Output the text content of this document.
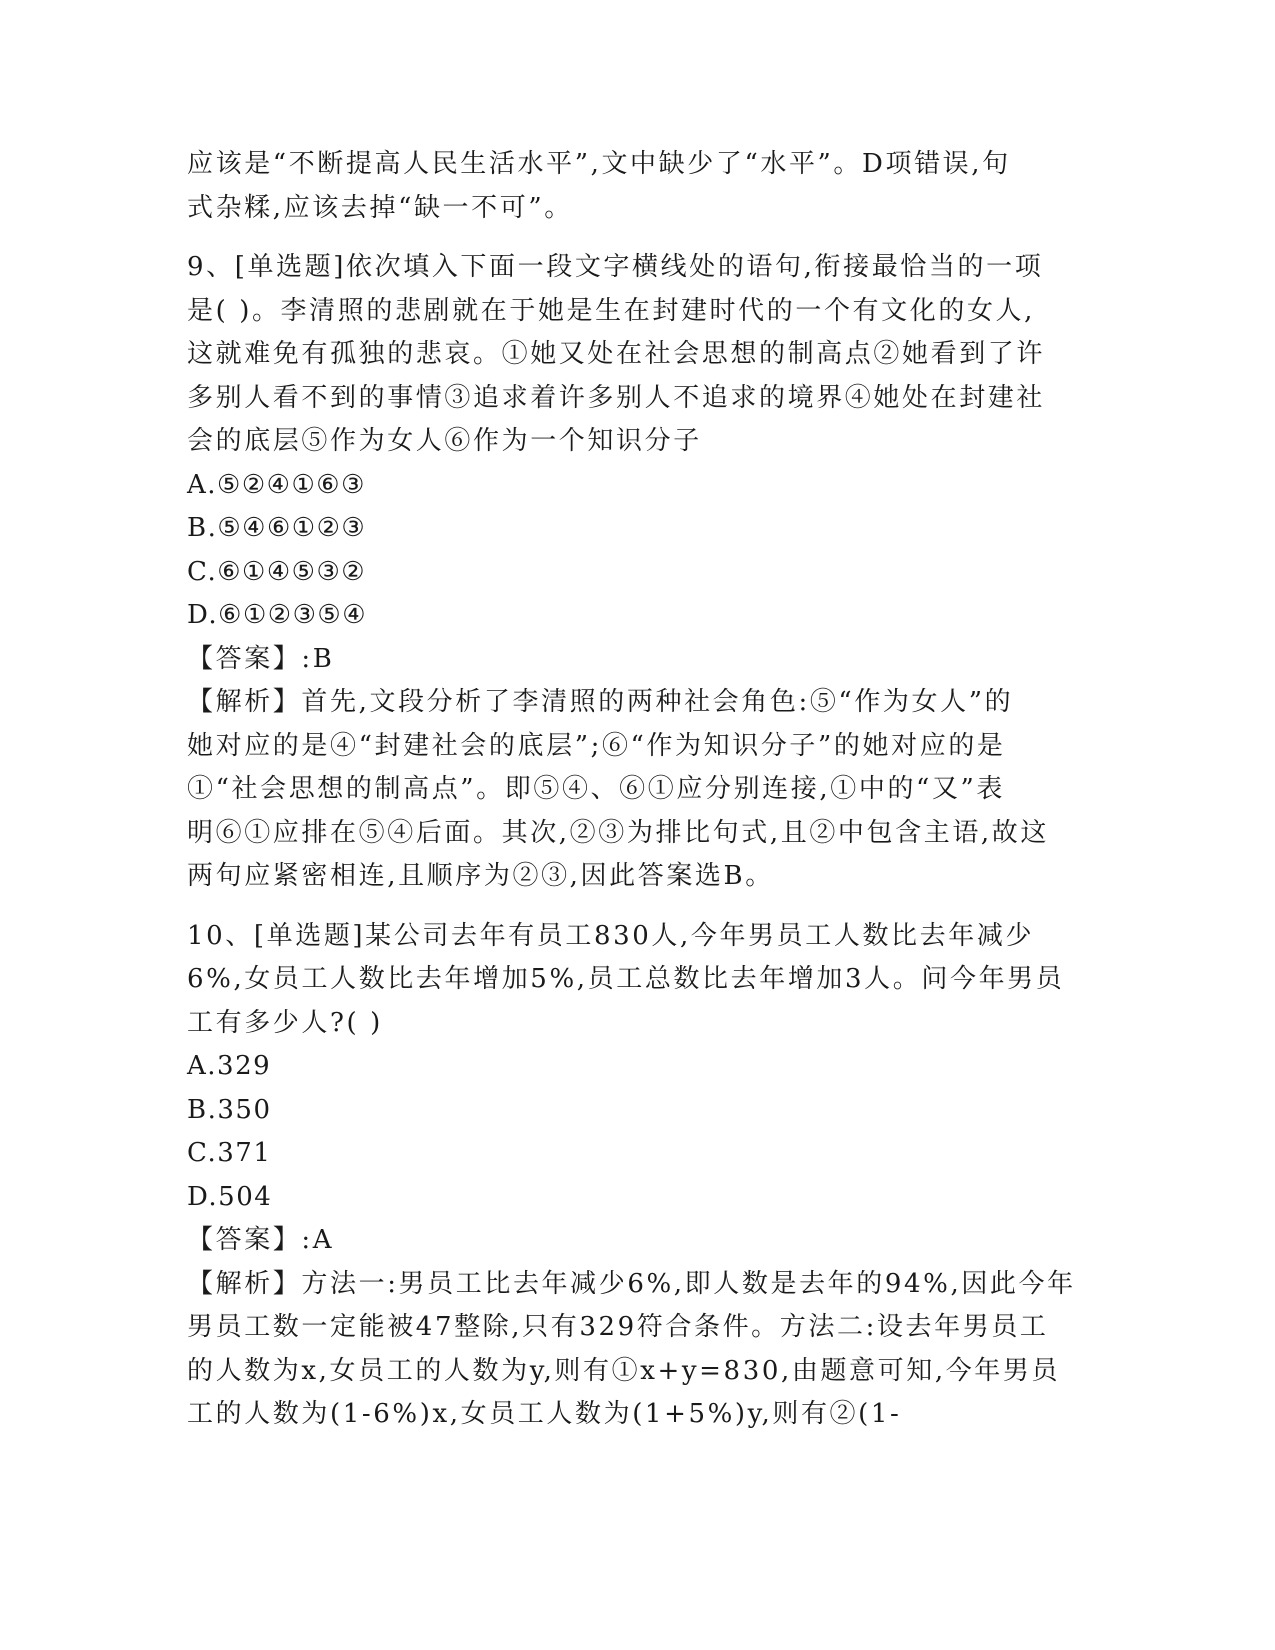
应该是“不断提高人民生活水平”,文中缺少了“水平”。D项错误,句
式杂糅,应该去掉“缺一不可”。
9、[单选题]依次填入下面一段文字横线处的语句,衔接最恰当的一项
是( )。李清照的悲剧就在于她是生在封建时代的一个有文化的女人,
这就难免有孤独的悲哀。①她又处在社会思想的制高点②她看到了许
多别人看不到的事情③追求着许多别人不追求的境界④她处在封建社
会的底层⑤作为女人⑥作为一个知识分子
A.⑤②④①⑥③
B.⑤④⑥①②③
C.⑥①④⑤③②
D.⑥①②③⑤④
【答案】:B
【解析】首先,文段分析了李清照的两种社会角色:⑤“作为女人”的
她对应的是④“封建社会的底层”;⑥“作为知识分子”的她对应的是
①“社会思想的制高点”。即⑤④、⑥①应分别连接,①中的“又”表
明⑥①应排在⑤④后面。其次,②③为排比句式,且②中包含主语,故这
两句应紧密相连,且顺序为②③,因此答案选B。
10、[单选题]某公司去年有员工830人,今年男员工人数比去年减少
6%,女员工人数比去年增加5%,员工总数比去年增加3人。问今年男员
工有多少人?( )
A.329
B.350
C.371
D.504
【答案】:A
【解析】方法一:男员工比去年减少6%,即人数是去年的94%,因此今年
男员工数一定能被47整除,只有329符合条件。方法二:设去年男员工
的人数为x,女员工的人数为y,则有①x+y=830,由题意可知,今年男员
工的人数为(1-6%)x,女员工人数为(1+5%)y,则有②(1-
